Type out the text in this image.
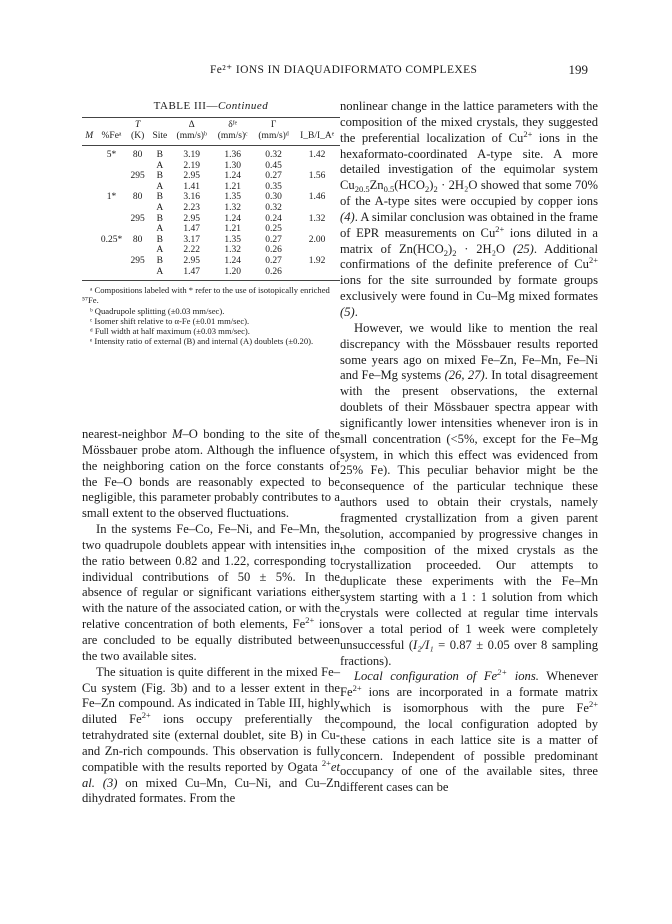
Fe²⁺ IONS IN DIAQUADIFORMATO COMPLEXES	199
TABLE III—Continued
		T		Δ	δᶠᵉ	Γ	
M	%Feᵃ	(K)	Site	(mm/s)ᵇ	(mm/s)ᶜ	(mm/s)ᵈ	I_B/I_Aᵉ
	5*	80	B	3.19	1.36	0.32	1.42
			A	2.19	1.30	0.45	
		295	B	2.95	1.24	0.27	1.56
			A	1.41	1.21	0.35	
	1*	80	B	3.16	1.35	0.30	1.46
			A	2.23	1.32	0.32	
		295	B	2.95	1.24	0.24	1.32
			A	1.47	1.21	0.25	
	0.25*	80	B	3.17	1.35	0.27	2.00
			A	2.22	1.32	0.26	
		295	B	2.95	1.24	0.27	1.92
			A	1.47	1.20	0.26	
ᵃ Compositions labeled with * refer to the use of isotopically enriched ⁵⁷Fe.
ᵇ Quadrupole splitting (±0.03 mm/sec).
ᶜ Isomer shift relative to α-Fe (±0.01 mm/sec).
ᵈ Full width at half maximum (±0.03 mm/sec).
ᵉ Intensity ratio of external (B) and internal (A) doublets (±0.20).

nearest-neighbor M–O bonding to the site of the Mössbauer probe atom. Although the influence of the neighboring cation on the force constants of the Fe–O bonds are reasonably expected to be negligible, this parameter probably contributes to a small extent to the observed fluctuations.

In the systems Fe–Co, Fe–Ni, and Fe–Mn, the two quadrupole doublets appear with intensities in the ratio between 0.82 and 1.22, corresponding to individual contributions of 50 ± 5%. In the absence of regular or significant variations either with the nature of the associated cation, or with the relative concentration of both elements, $Fe^{2+}$ ions are concluded to be equally distributed between the two available sites.

The situation is quite different in the mixed Fe–Cu system (Fig. 3b) and to a lesser extent in the Fe–Zn compound. As indicated in Table III, highly diluted $Fe^{2+}$ ions occupy preferentially the tetrahydrated site (external doublet, site B) in Cu- and Zn-rich compounds. This observation is fully compatible with the results reported by Ogata $^{2+}$et al. (3) on mixed Cu–Mn, Cu–Ni, and Cu–Zn dihydrated formates. From the

nonlinear change in the lattice parameters with the composition of the mixed crystals, they suggested the preferential localization of $Cu^{2+}$ ions in the hexaformato-coordinated A-type site. A more detailed investigation of the equimolar system $Cu_{20.5}Zn_{0.5}(HCO_2)_2 \cdot 2H_2O$ showed that some 70% of the A-type sites were occupied by copper ions (4). A similar conclusion was obtained in the frame of EPR measurements on $Cu^{2+}$ ions diluted in a matrix of $Zn(HCO_2)_2 \cdot 2H_2O$ (25). Additional confirmations of the definite preference of $Cu^{2+}$ ions for the site surrounded by formate groups exclusively were found in Cu–Mg mixed formates (5).

However, we would like to mention the real discrepancy with the Mössbauer results reported some years ago on mixed Fe–Zn, Fe–Mn, Fe–Ni and Fe–Mg systems (26, 27). In total disagreement with the present observations, the external doublets of their Mössbauer spectra appear with significantly lower intensities whenever iron is in small concentration (<5%, except for the Fe–Mg system, in which this effect was evidenced from 25% Fe). This peculiar behavior might be the consequence of the particular technique these authors used to obtain their crystals, namely fragmented crystallization from a given parent solution, accompanied by progressive changes in the composition of the mixed crystals as the crystallization proceeded. Our attempts to duplicate these experiments with the Fe–Mn system starting with a 1 : 1 solution from which crystals were collected at regular time intervals over a total period of 1 week were completely unsuccessful (I₂/I₁ = 0.87 ± 0.05 over 8 sampling fractions).

Local configuration of $Fe^{2+}$ ions. Whenever $Fe^{2+}$ ions are incorporated in a formate matrix which is isomorphous with the pure $Fe^{2+}$ compound, the local configuration adopted by these cations in each lattice site is a matter of concern. Independent of possible predominant occupancy of one of the available sites, three different cases can be
